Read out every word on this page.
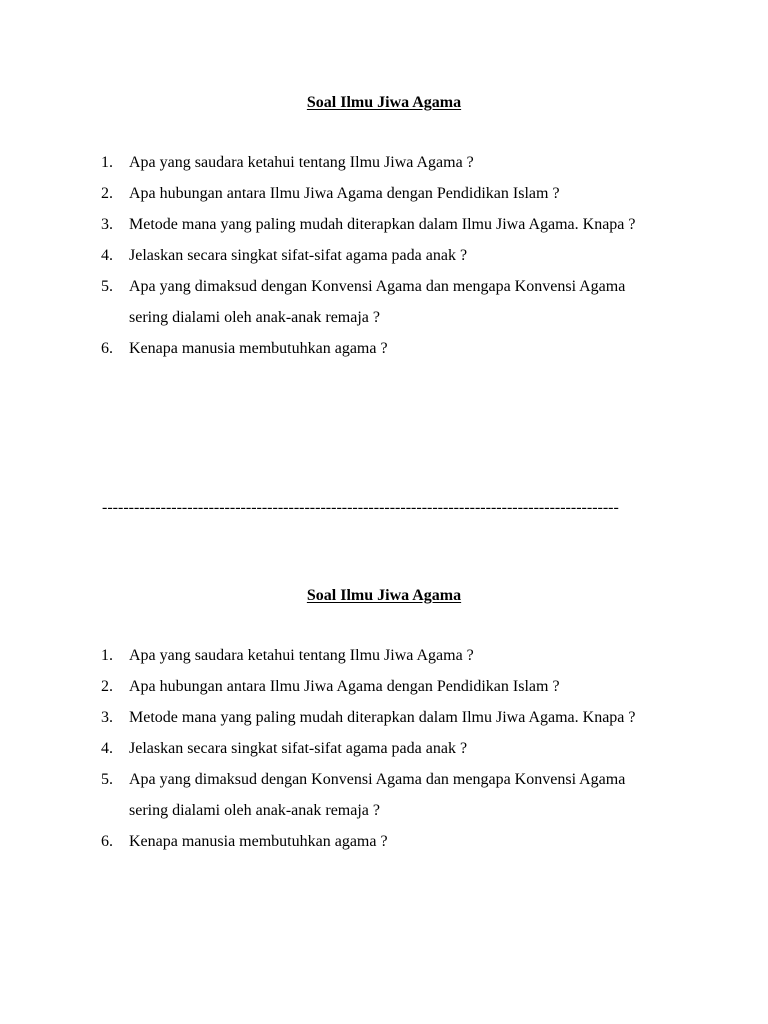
Soal Ilmu Jiwa Agama
1. Apa yang saudara ketahui tentang Ilmu Jiwa Agama ?
2. Apa hubungan antara Ilmu Jiwa Agama dengan Pendidikan Islam ?
3. Metode mana yang paling mudah diterapkan dalam Ilmu Jiwa Agama. Knapa ?
4. Jelaskan secara singkat sifat-sifat agama pada anak ?
5. Apa yang dimaksud dengan Konvensi Agama dan mengapa Konvensi Agama sering dialami oleh anak-anak remaja ?
6. Kenapa manusia membutuhkan agama ?
-------------------------------------------------------------------------------------------------
Soal Ilmu Jiwa Agama
1. Apa yang saudara ketahui tentang Ilmu Jiwa Agama ?
2. Apa hubungan antara Ilmu Jiwa Agama dengan Pendidikan Islam ?
3. Metode mana yang paling mudah diterapkan dalam Ilmu Jiwa Agama. Knapa ?
4. Jelaskan secara singkat sifat-sifat agama pada anak ?
5. Apa yang dimaksud dengan Konvensi Agama dan mengapa Konvensi Agama sering dialami oleh anak-anak remaja ?
6. Kenapa manusia membutuhkan agama ?
